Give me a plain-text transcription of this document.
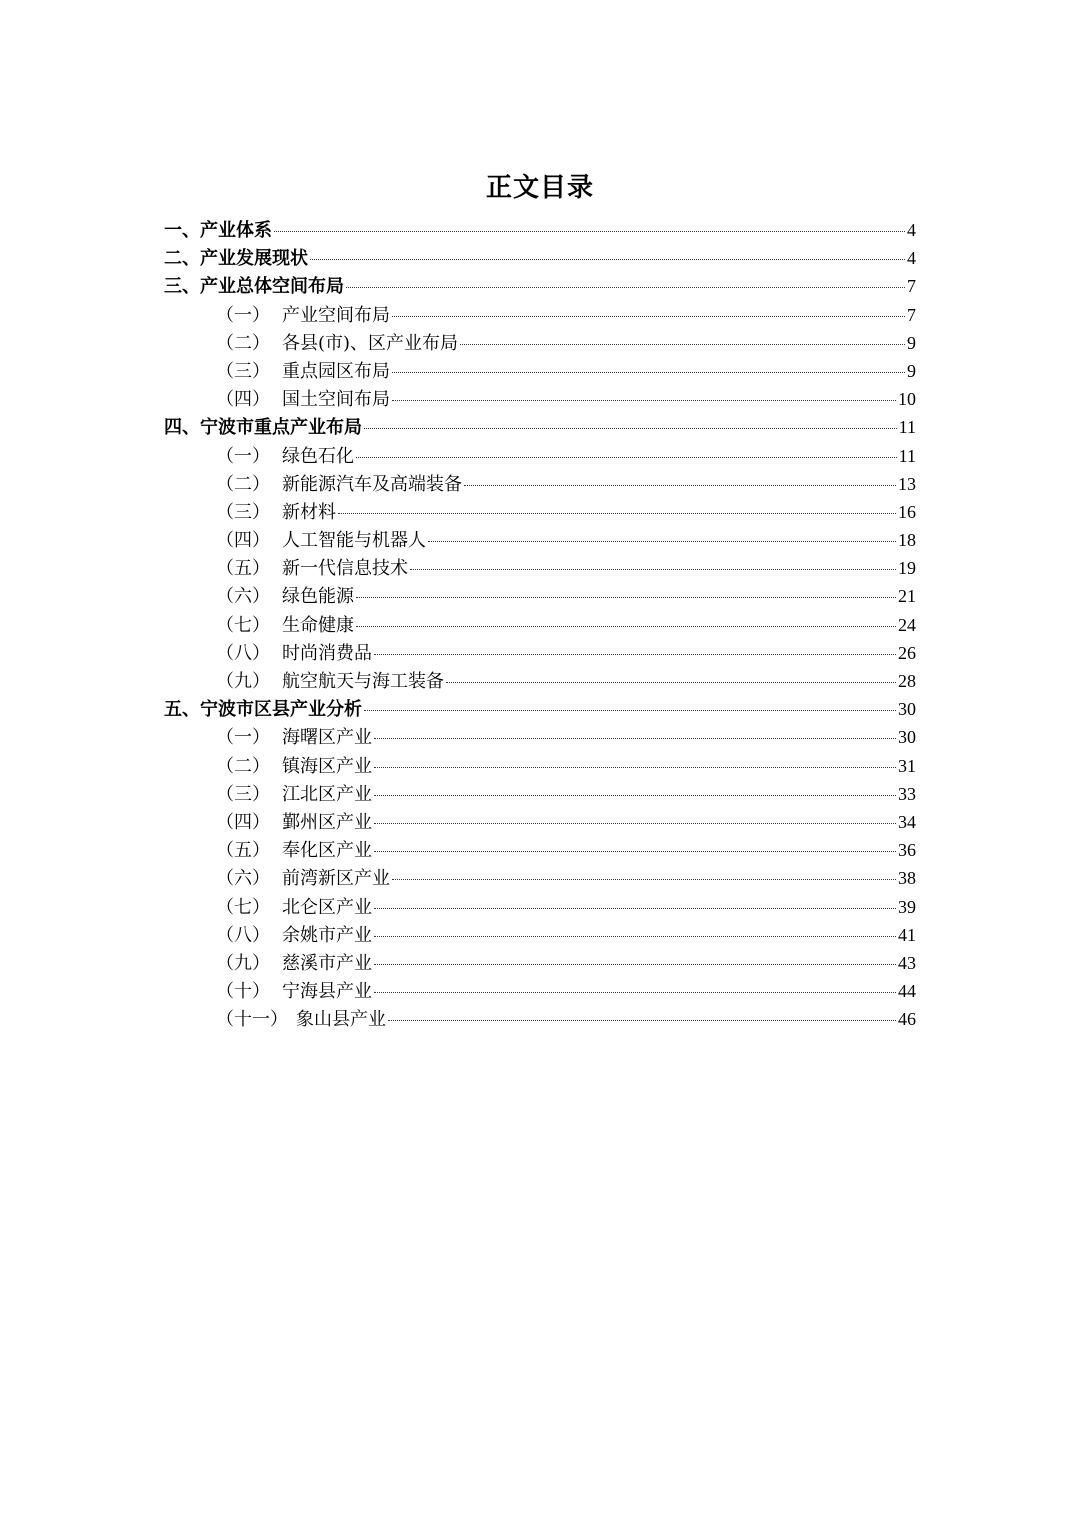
正文目录
一、 产业体系	4
二、 产业发展现状	4
三、 产业总体空间布局	7
（一） 产业空间布局	7
（二） 各县(市)、区产业布局	9
（三） 重点园区布局	9
（四） 国土空间布局	10
四、 宁波市重点产业布局	11
（一） 绿色石化	11
（二） 新能源汽车及高端装备	13
（三） 新材料	16
（四） 人工智能与机器人	18
（五） 新一代信息技术	19
（六） 绿色能源	21
（七） 生命健康	24
（八） 时尚消费品	26
（九） 航空航天与海工装备	28
五、 宁波市区县产业分析	30
（一） 海曙区产业	30
（二） 镇海区产业	31
（三） 江北区产业	33
（四） 鄞州区产业	34
（五） 奉化区产业	36
（六） 前湾新区产业	38
（七） 北仑区产业	39
（八） 余姚市产业	41
（九） 慈溪市产业	43
（十） 宁海县产业	44
（十一） 象山县产业	46
